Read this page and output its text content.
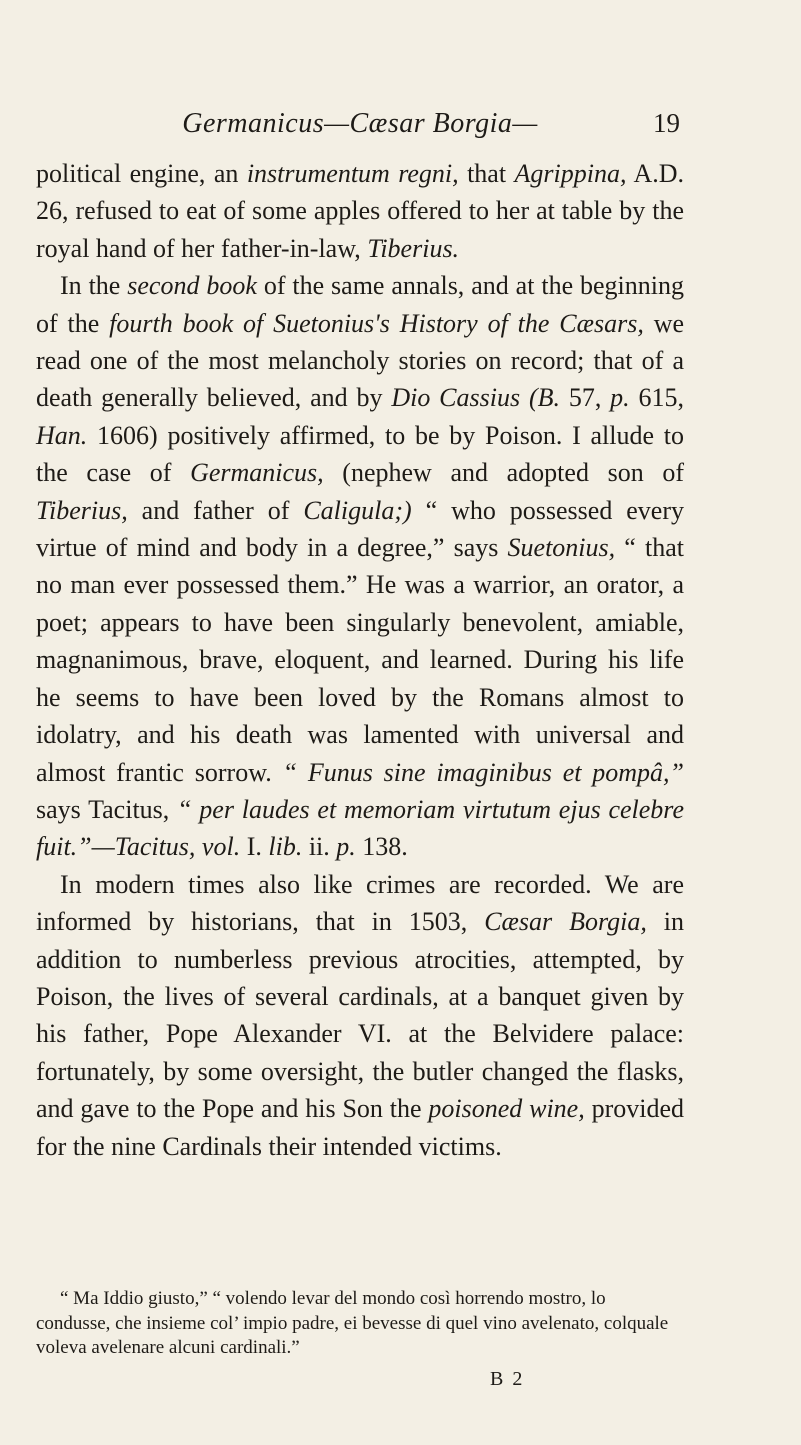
Germanicus—Cæsar Borgia—	19

political engine, an instrumentum regni, that Agrippina, A.D. 26, refused to eat of some apples offered to her at table by the royal hand of her father-in-law, Tiberius.

In the second book of the same annals, and at the beginning of the fourth book of Suetonius's History of the Cæsars, we read one of the most melancholy stories on record; that of a death generally believed, and by Dio Cassius (B. 57, p. 615, Han. 1606) positively affirmed, to be by Poison. I allude to the case of Germanicus, (nephew and adopted son of Tiberius, and father of Caligula;) “ who possessed every virtue of mind and body in a degree,” says Suetonius, “ that no man ever possessed them.” He was a warrior, an orator, a poet; appears to have been singularly benevolent, amiable, magnanimous, brave, eloquent, and learned. During his life he seems to have been loved by the Romans almost to idolatry, and his death was lamented with universal and almost frantic sorrow. “ Funus sine imaginibus et pompâ,” says Tacitus, “ per laudes et memoriam virtutum ejus celebre fuit.”—Tacitus, vol. I. lib. ii. p. 138.

In modern times also like crimes are recorded. We are informed by historians, that in 1503, Cæsar Borgia, in addition to numberless previous atrocities, attempted, by Poison, the lives of several cardinals, at a banquet given by his father, Pope Alexander VI. at the Belvidere palace: fortunately, by some oversight, the butler changed the flasks, and gave to the Pope and his Son the poisoned wine, provided for the nine Cardinals their intended victims.

“ Ma Iddio giusto,” “ volendo levar del mondo così horrendo mostro, lo condusse, che insieme col’ impio padre, ei bevesse di quel vino avelenato, colquale voleva avelenare alcuni cardinali.”

B 2
